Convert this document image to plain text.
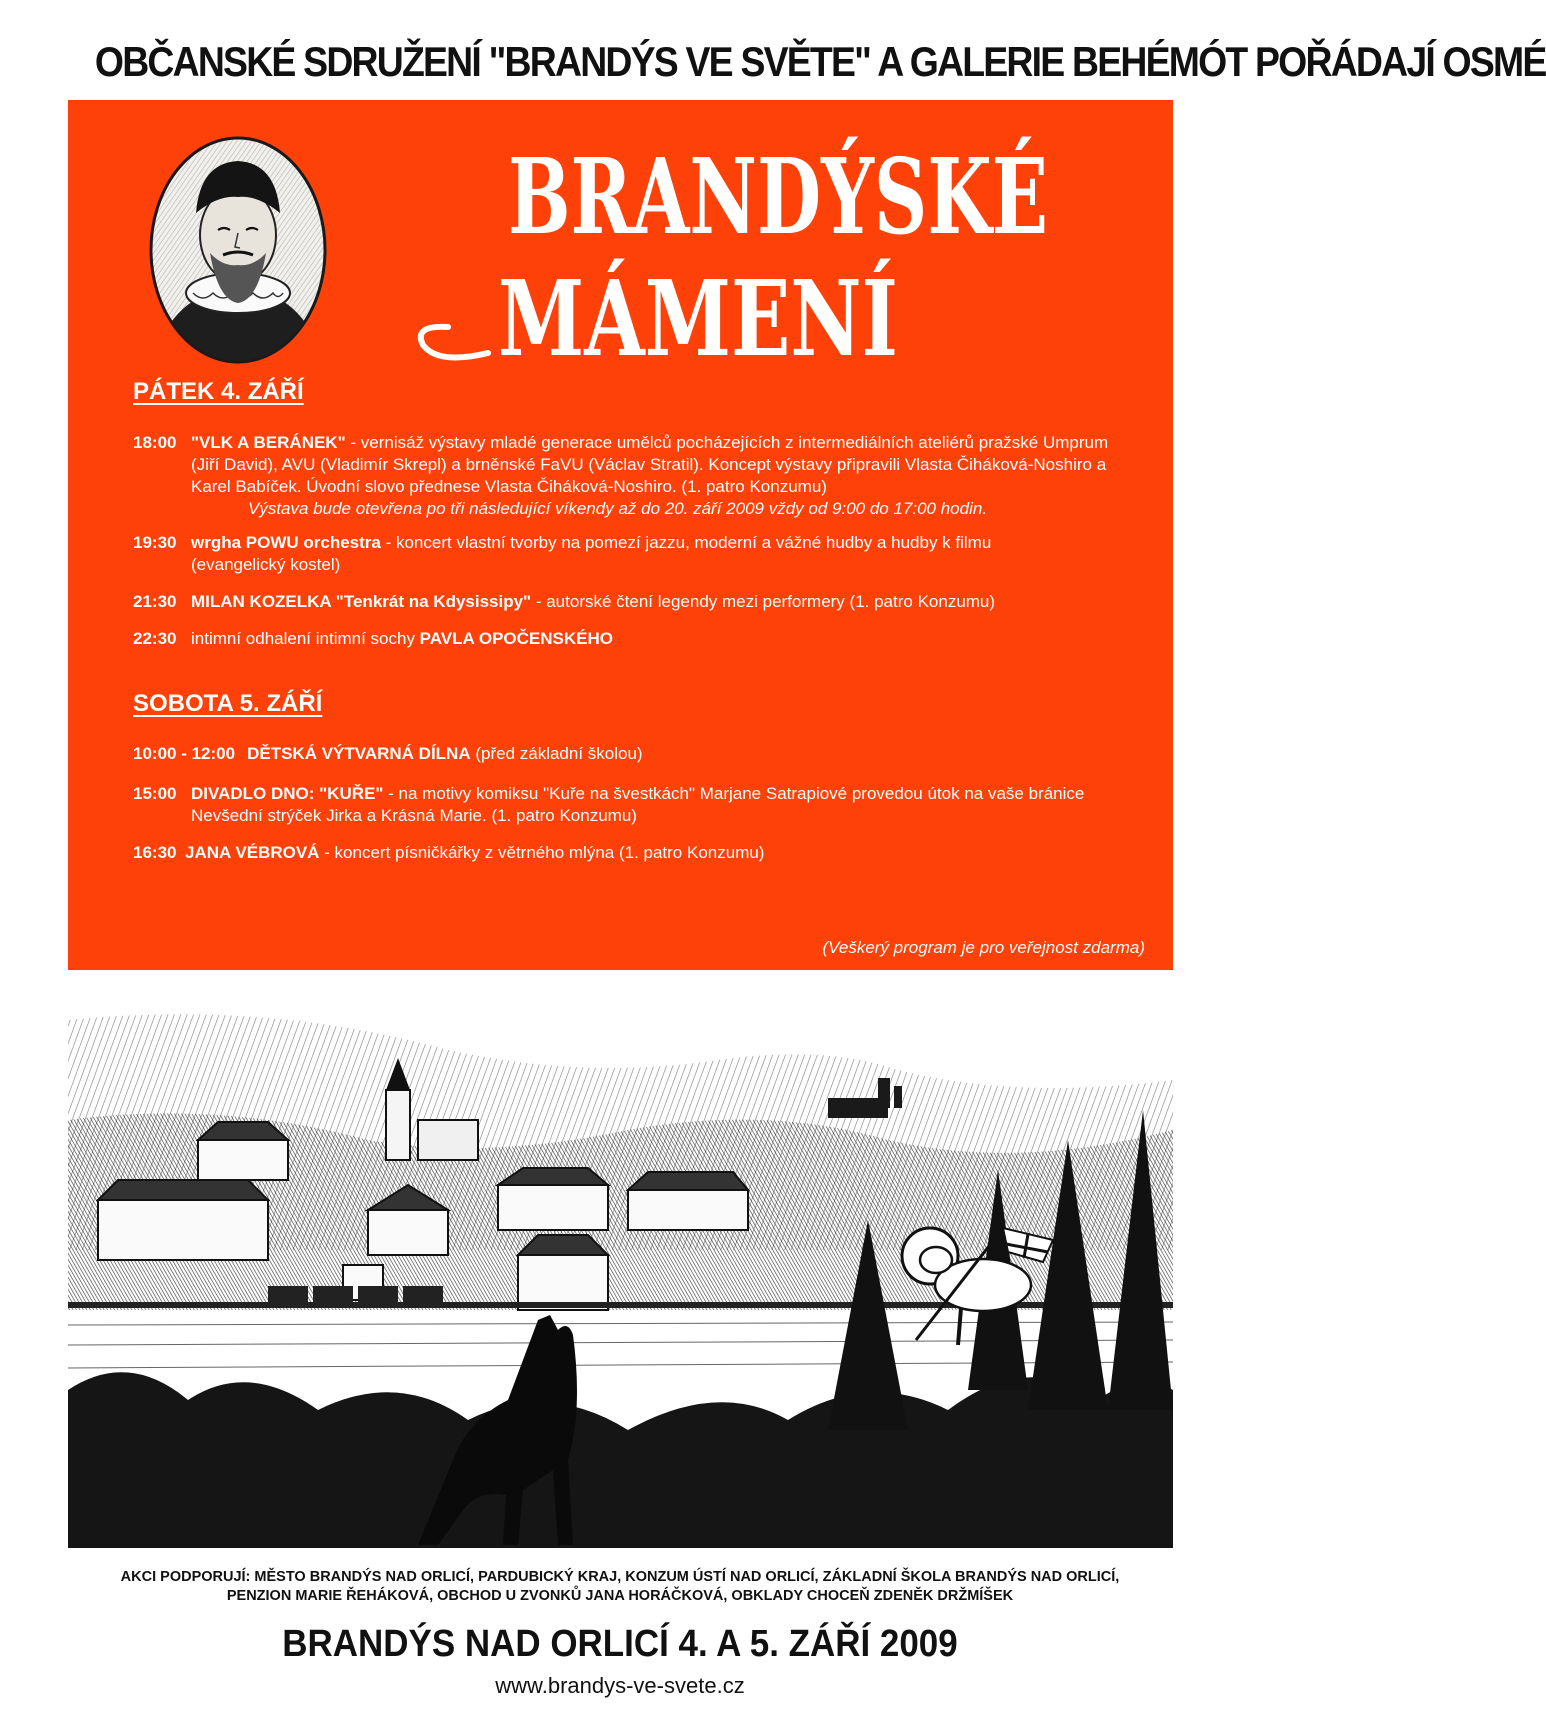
OBČANSKÉ SDRUŽENÍ "BRANDÝS VE SVĚTE" A GALERIE BEHÉMÓT POŘÁDAJÍ OSMÉ
BRANDÝSKÉ
MÁMENÍ
PÁTEK 4. ZÁŘÍ
18:00 "VLK A BERÁNEK" - vernisáž výstavy mladé generace umělců pocházejících z intermediálních ateliérů pražské Umprum
(Jiří David), AVU (Vladimír Skrepl) a brněnské FaVU (Václav Stratil). Koncept výstavy připravili Vlasta Čiháková-Noshiro a
Karel Babíček. Úvodní slovo přednese Vlasta Čiháková-Noshiro. (1. patro Konzumu)
Výstava bude otevřena po tři následující víkendy až do 20. září 2009 vždy od 9:00 do 17:00 hodin.
19:30 wrgha POWU orchestra - koncert vlastní tvorby na pomezí jazzu, moderní a vážné hudby a hudby k filmu
(evangelický kostel)
21:30 MILAN KOZELKA "Tenkrát na Kdysissipy" - autorské čtení legendy mezi performery (1. patro Konzumu)
22:30 intimní odhalení intimní sochy PAVLA OPOČENSKÉHO
SOBOTA 5. ZÁŘÍ
10:00 - 12:00 DĚTSKÁ VÝTVARNÁ DÍLNA (před základní školou)
15:00 DIVADLO DNO: "KUŘE" - na motivy komiksu "Kuře na švestkách" Marjane Satrapiové provedou útok na vaše bránice
Nevšední strýček Jirka a Krásná Marie. (1. patro Konzumu)
16:30 JANA VÉBROVÁ - koncert písničkářky z větrného mlýna (1. patro Konzumu)
(Veškerý program je pro veřejnost zdarma)
AKCI PODPORUJÍ: MĚSTO BRANDÝS NAD ORLICÍ, PARDUBICKÝ KRAJ, KONZUM ÚSTÍ NAD ORLICÍ, ZÁKLADNÍ ŠKOLA BRANDÝS NAD ORLICÍ,
PENZION MARIE ŘEHÁKOVÁ, OBCHOD U ZVONKŮ JANA HORÁČKOVÁ, OBKLADY CHOCEŇ ZDENĚK DRŽMÍŠEK
BRANDÝS NAD ORLICÍ 4. A 5. ZÁŘÍ 2009
www.brandys-ve-svete.cz
